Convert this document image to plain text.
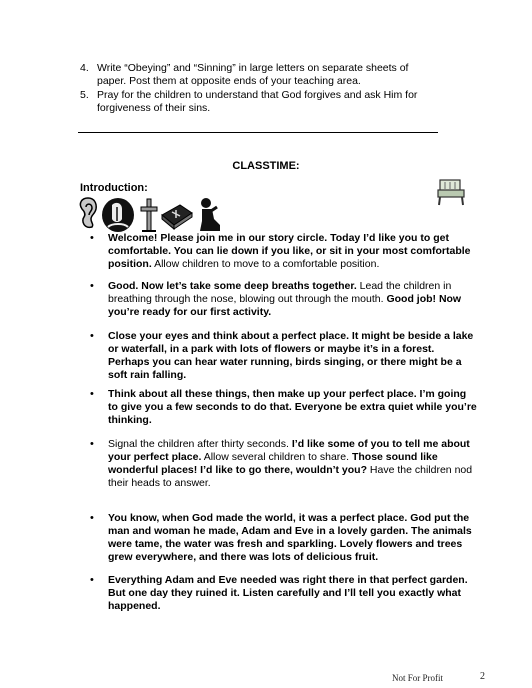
4. Write “Obeying” and “Sinning” in large letters on separate sheets of paper. Post them at opposite ends of your teaching area.
5. Pray for the children to understand that God forgives and ask Him for forgiveness of their sins.
CLASSTIME:
Introduction:
• Welcome! Please join me in our story circle. Today I’d like you to get comfortable. You can lie down if you like, or sit in your most comfortable position. Allow children to move to a comfortable position.
• Good. Now let’s take some deep breaths together. Lead the children in breathing through the nose, blowing out through the mouth. Good job! Now you’re ready for our first activity.
• Close your eyes and think about a perfect place. It might be beside a lake or waterfall, in a park with lots of flowers or maybe it’s in a forest. Perhaps you can hear water running, birds singing, or there might be a soft rain falling.
• Think about all these things, then make up your perfect place. I’m going to give you a few seconds to do that. Everyone be extra quiet while you’re thinking.
• Signal the children after thirty seconds. I’d like some of you to tell me about your perfect place. Allow several children to share. Those sound like wonderful places! I’d like to go there, wouldn’t you? Have the children nod their heads to answer.
• You know, when God made the world, it was a perfect place. God put the man and woman he made, Adam and Eve in a lovely garden. The animals were tame, the water was fresh and sparkling. Lovely flowers and trees grew everywhere, and there was lots of delicious fruit.
• Everything Adam and Eve needed was right there in that perfect garden. But one day they ruined it. Listen carefully and I’ll tell you exactly what happened.
Not For Profit	2
